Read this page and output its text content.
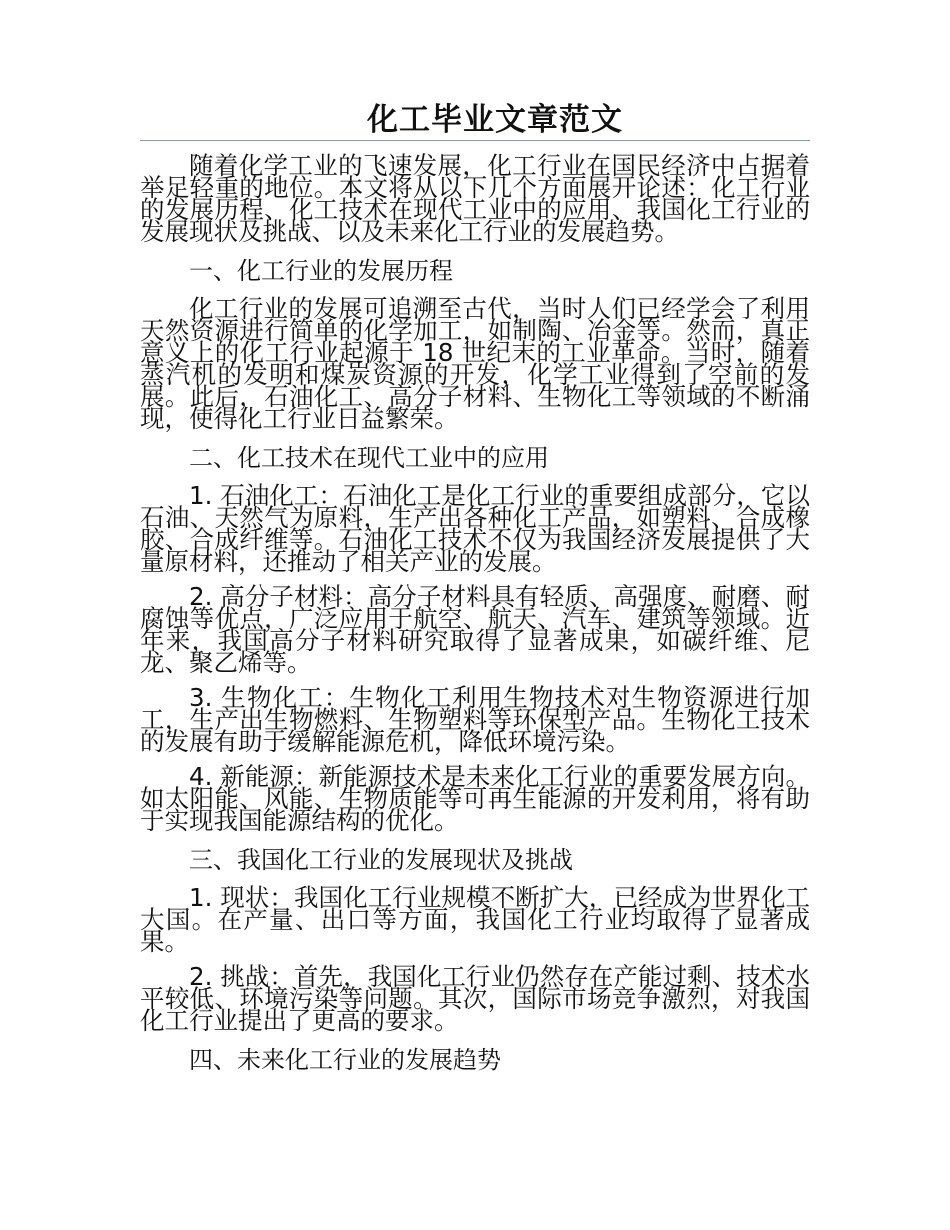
化工毕业文章范文

随着化学工业的飞速发展，化工行业在国民经济中占据着举足轻重的地位。本文将从以下几个方面展开论述：化工行业的发展历程、化工技术在现代工业中的应用、我国化工行业的发展现状及挑战、以及未来化工行业的发展趋势。

一、化工行业的发展历程

化工行业的发展可追溯至古代，当时人们已经学会了利用天然资源进行简单的化学加工，如制陶、冶金等。然而，真正意义上的化工行业起源于 18 世纪末的工业革命。当时，随着蒸汽机的发明和煤炭资源的开发，化学工业得到了空前的发展。此后，石油化工、高分子材料、生物化工等领域的不断涌现，使得化工行业日益繁荣。

二、化工技术在现代工业中的应用

1. 石油化工：石油化工是化工行业的重要组成部分，它以石油、天然气为原料，生产出各种化工产品，如塑料、合成橡胶、合成纤维等。石油化工技术不仅为我国经济发展提供了大量原材料，还推动了相关产业的发展。

2. 高分子材料：高分子材料具有轻质、高强度、耐磨、耐腐蚀等优点，广泛应用于航空、航天、汽车、建筑等领域。近年来，我国高分子材料研究取得了显著成果，如碳纤维、尼龙、聚乙烯等。

3. 生物化工：生物化工利用生物技术对生物资源进行加工，生产出生物燃料、生物塑料等环保型产品。生物化工技术的发展有助于缓解能源危机，降低环境污染。

4. 新能源：新能源技术是未来化工行业的重要发展方向。如太阳能、风能、生物质能等可再生能源的开发利用，将有助于实现我国能源结构的优化。

三、我国化工行业的发展现状及挑战

1. 现状：我国化工行业规模不断扩大，已经成为世界化工大国。在产量、出口等方面，我国化工行业均取得了显著成果。

2. 挑战：首先，我国化工行业仍然存在产能过剩、技术水平较低、环境污染等问题。其次，国际市场竞争激烈，对我国化工行业提出了更高的要求。

四、未来化工行业的发展趋势
